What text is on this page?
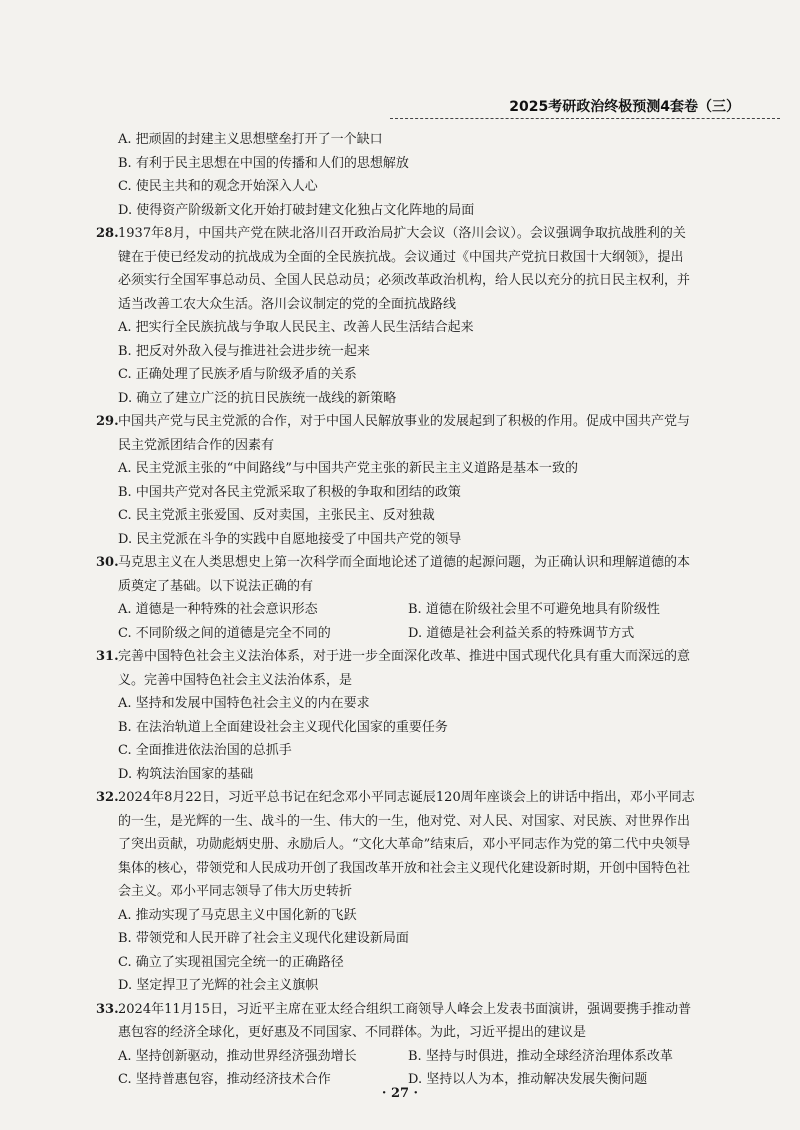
2025考研政治终极预测4套卷（三）
A. 把顽固的封建主义思想壁垒打开了一个缺口
B. 有利于民主思想在中国的传播和人们的思想解放
C. 使民主共和的观念开始深入人心
D. 使得资产阶级新文化开始打破封建文化独占文化阵地的局面
28.1937年8月，中国共产党在陕北洛川召开政治局扩大会议（洛川会议）。会议强调争取抗战胜利的关键在于使已经发动的抗战成为全面的全民族抗战。会议通过《中国共产党抗日救国十大纲领》，提出必须实行全国军事总动员、全国人民总动员；必须改革政治机构，给人民以充分的抗日民主权利，并适当改善工农大众生活。洛川会议制定的党的全面抗战路线
A. 把实行全民族抗战与争取人民民主、改善人民生活结合起来
B. 把反对外敌入侵与推进社会进步统一起来
C. 正确处理了民族矛盾与阶级矛盾的关系
D. 确立了建立广泛的抗日民族统一战线的新策略
29.中国共产党与民主党派的合作，对于中国人民解放事业的发展起到了积极的作用。促成中国共产党与民主党派团结合作的因素有
A. 民主党派主张的“中间路线”与中国共产党主张的新民主主义道路是基本一致的
B. 中国共产党对各民主党派采取了积极的争取和团结的政策
C. 民主党派主张爱国、反对卖国，主张民主、反对独裁
D. 民主党派在斗争的实践中自愿地接受了中国共产党的领导
30.马克思主义在人类思想史上第一次科学而全面地论述了道德的起源问题，为正确认识和理解道德的本质奠定了基础。以下说法正确的有
A. 道德是一种特殊的社会意识形态	B. 道德在阶级社会里不可避免地具有阶级性
C. 不同阶级之间的道德是完全不同的	D. 道德是社会利益关系的特殊调节方式
31.完善中国特色社会主义法治体系，对于进一步全面深化改革、推进中国式现代化具有重大而深远的意义。完善中国特色社会主义法治体系，是
A. 坚持和发展中国特色社会主义的内在要求
B. 在法治轨道上全面建设社会主义现代化国家的重要任务
C. 全面推进依法治国的总抓手
D. 构筑法治国家的基础
32.2024年8月22日，习近平总书记在纪念邓小平同志诞辰120周年座谈会上的讲话中指出，邓小平同志的一生，是光辉的一生、战斗的一生、伟大的一生，他对党、对人民、对国家、对民族、对世界作出了突出贡献，功勋彪炳史册、永励后人。“文化大革命”结束后，邓小平同志作为党的第二代中央领导集体的核心，带领党和人民成功开创了我国改革开放和社会主义现代化建设新时期，开创中国特色社会主义。邓小平同志领导了伟大历史转折
A. 推动实现了马克思主义中国化新的飞跃
B. 带领党和人民开辟了社会主义现代化建设新局面
C. 确立了实现祖国完全统一的正确路径
D. 坚定捍卫了光辉的社会主义旗帜
33.2024年11月15日，习近平主席在亚太经合组织工商领导人峰会上发表书面演讲，强调要携手推动普惠包容的经济全球化，更好惠及不同国家、不同群体。为此，习近平提出的建议是
A. 坚持创新驱动，推动世界经济强劲增长	B. 坚持与时俱进，推动全球经济治理体系改革
C. 坚持普惠包容，推动经济技术合作	D. 坚持以人为本，推动解决发展失衡问题
· 27 ·
